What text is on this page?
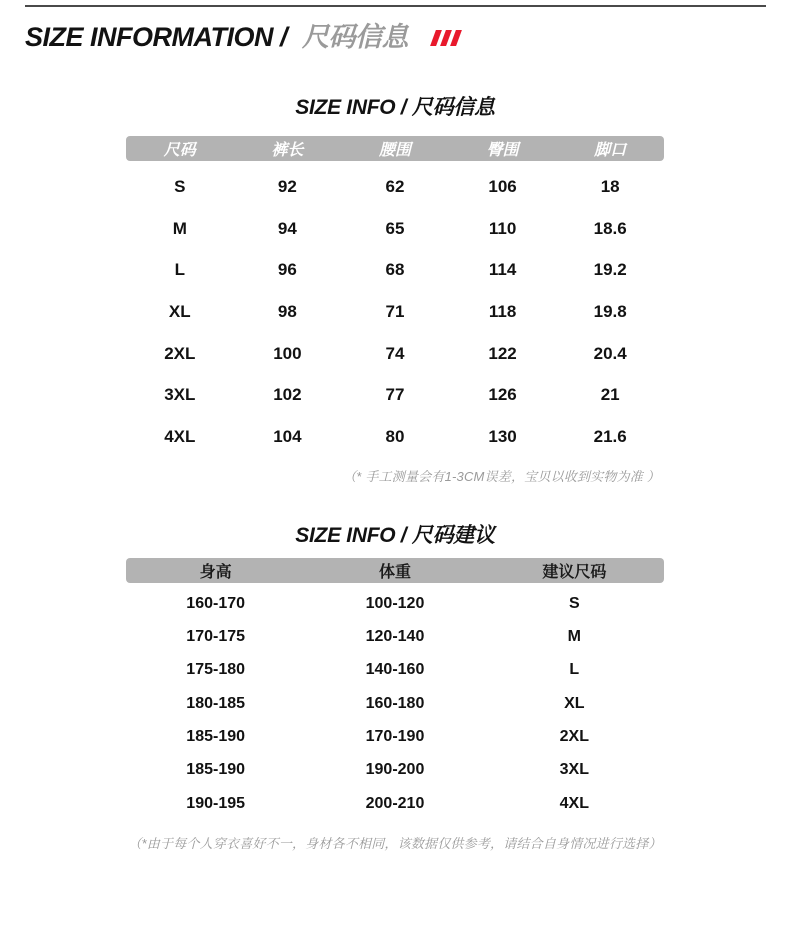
SIZE INFORMATION / 尺码信息
SIZE INFO / 尺码信息
尺码	裤长	腰围	臀围	脚口
S	92	62	106	18
M	94	65	110	18.6
L	96	68	114	19.2
XL	98	71	118	19.8
2XL	100	74	122	20.4
3XL	102	77	126	21
4XL	104	80	130	21.6
（* 手工测量会有1-3CM误差，宝贝以收到实物为准 ）
SIZE INFO / 尺码建议
身高	体重	建议尺码
160-170	100-120	S
170-175	120-140	M
175-180	140-160	L
180-185	160-180	XL
185-190	170-190	2XL
185-190	190-200	3XL
190-195	200-210	4XL
（*由于每个人穿衣喜好不一，身材各不相同，该数据仅供参考，请结合自身情况进行选择）
